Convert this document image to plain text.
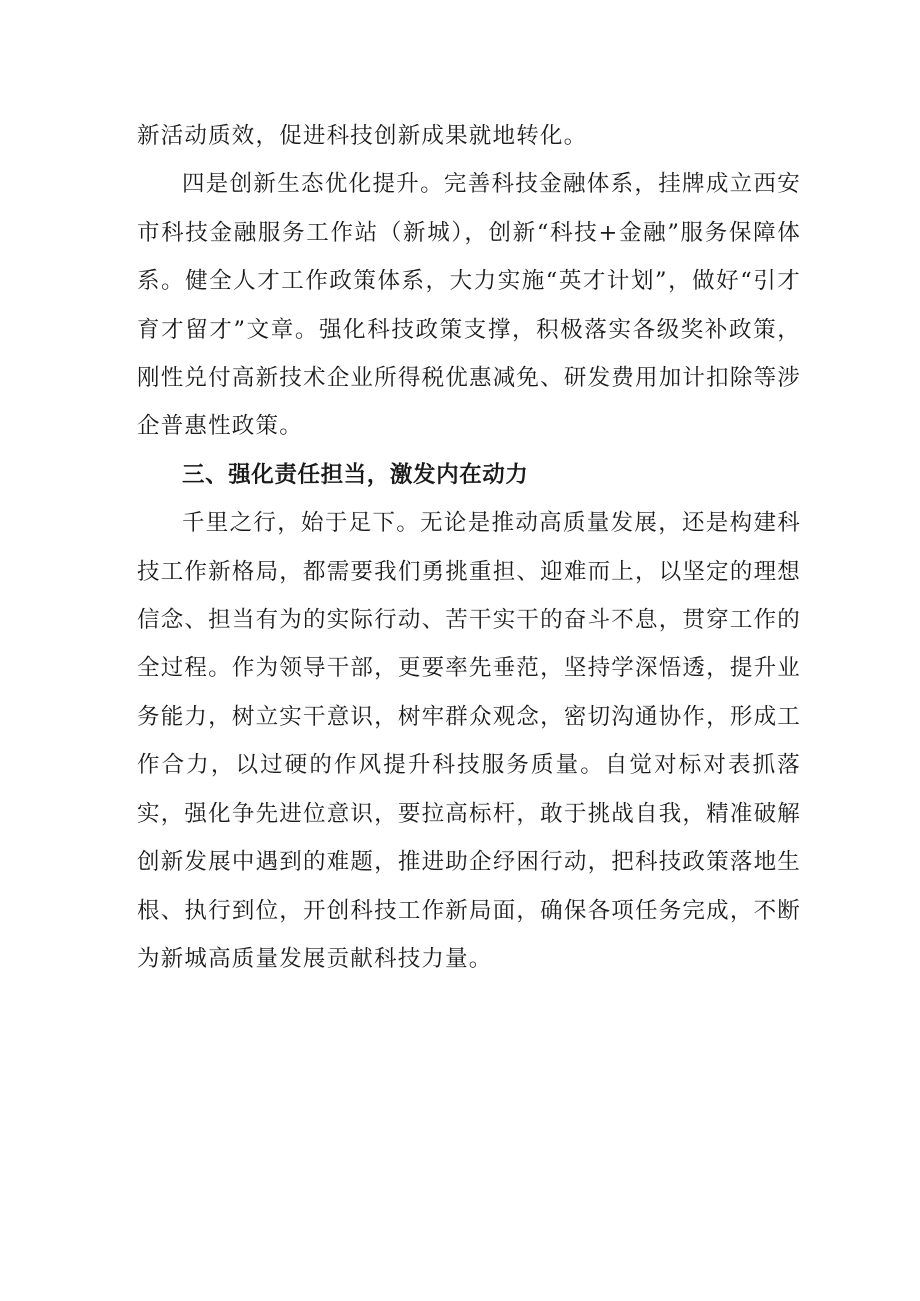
新活动质效，促进科技创新成果就地转化。

四是创新生态优化提升。完善科技金融体系，挂牌成立西安市科技金融服务工作站（新城），创新“科技+金融”服务保障体系。健全人才工作政策体系，大力实施“英才计划”，做好“引才育才留才”文章。强化科技政策支撑，积极落实各级奖补政策，刚性兑付高新技术企业所得税优惠减免、研发费用加计扣除等涉企普惠性政策。

三、强化责任担当，激发内在动力

千里之行，始于足下。无论是推动高质量发展，还是构建科技工作新格局，都需要我们勇挑重担、迎难而上，以坚定的理想信念、担当有为的实际行动、苦干实干的奋斗不息，贯穿工作的全过程。作为领导干部，更要率先垂范，坚持学深悟透，提升业务能力，树立实干意识，树牢群众观念，密切沟通协作，形成工作合力，以过硬的作风提升科技服务质量。自觉对标对表抓落实，强化争先进位意识，要拉高标杆，敢于挑战自我，精准破解创新发展中遇到的难题，推进助企纾困行动，把科技政策落地生根、执行到位，开创科技工作新局面，确保各项任务完成，不断为新城高质量发展贡献科技力量。
